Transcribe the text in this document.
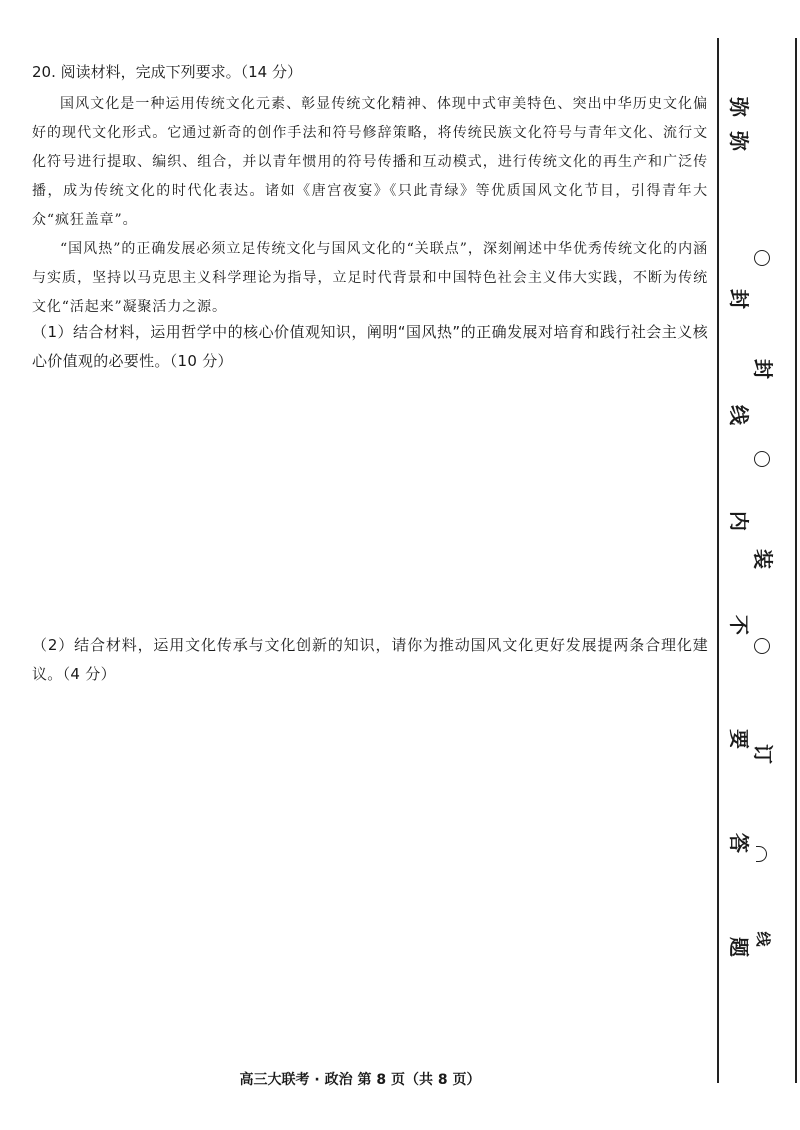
20. 阅读材料，完成下列要求。（14 分）

国风文化是一种运用传统文化元素、彰显传统文化精神、体现中式审美特色、突出中华历史文化偏好的现代文化形式。它通过新奇的创作手法和符号修辞策略，将传统民族文化符号与青年文化、流行文化符号进行提取、编织、组合，并以青年惯用的符号传播和互动模式，进行传统文化的再生产和广泛传播，成为传统文化的时代化表达。诸如《唐宫夜宴》《只此青绿》等优质国风文化节目，引得青年大众“疯狂盖章”。

“国风热”的正确发展必须立足传统文化与国风文化的“关联点”，深刻阐述中华优秀传统文化的内涵与实质，坚持以马克思主义科学理论为指导，立足时代背景和中国特色社会主义伟大实践，不断为传统文化“活起来”凝聚活力之源。

（1）结合材料，运用哲学中的核心价值观知识，阐明“国风热”的正确发展对培育和践行社会主义核心价值观的必要性。（10 分）

（2）结合材料，运用文化传承与文化创新的知识，请你为推动国风文化更好发展提两条合理化建议。（4 分）

高三大联考 · 政治 第 8 页（共 8 页）
弥
弥
封
线
内
不
要
答
题
封
装
订
线
